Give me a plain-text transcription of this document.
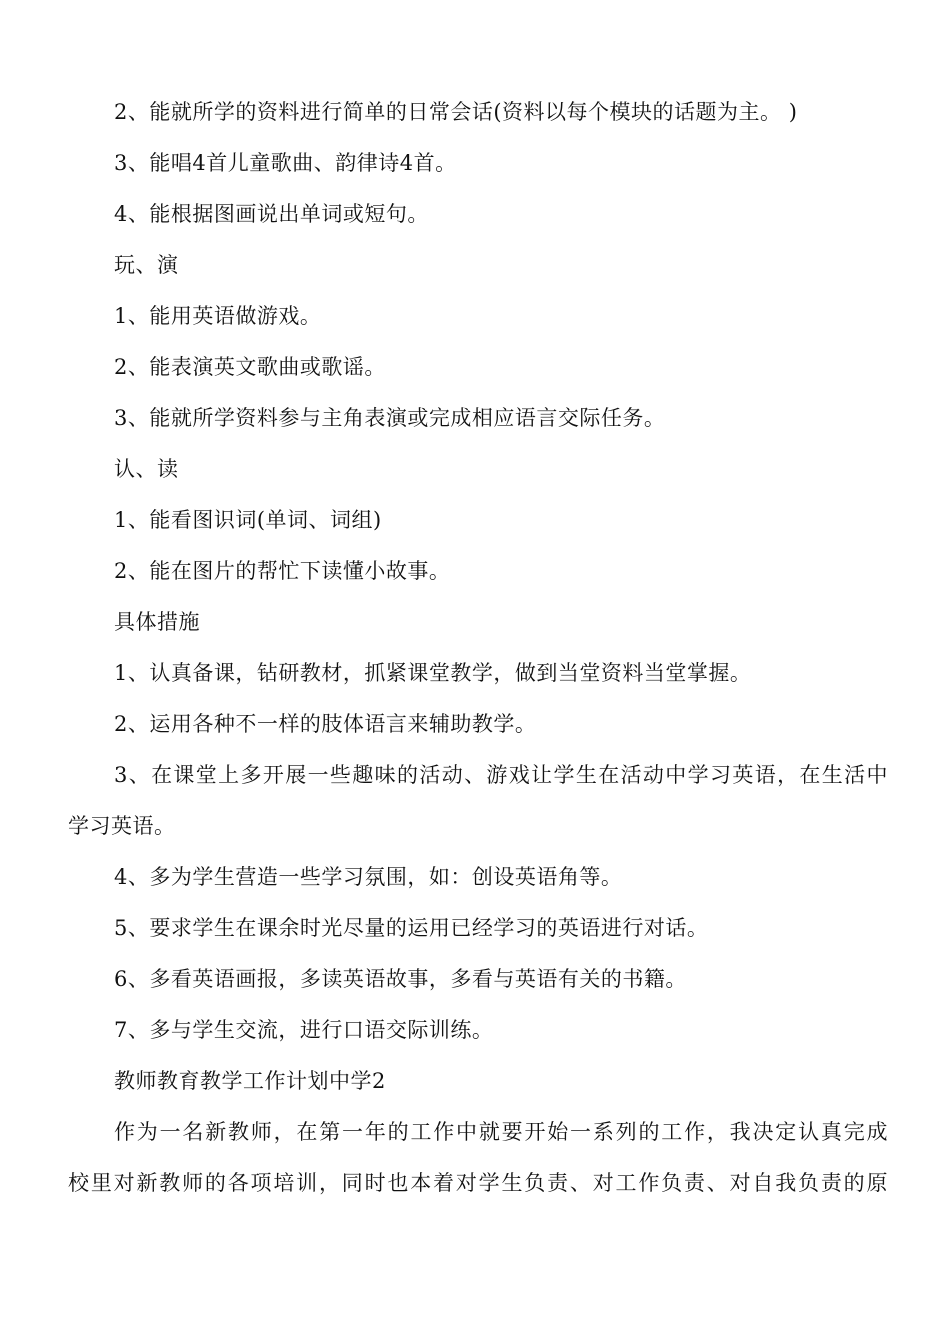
2、能就所学的资料进行简单的日常会话(资料以每个模块的话题为主。 )
3、能唱4首儿童歌曲、韵律诗4首。
4、能根据图画说出单词或短句。
玩、演
1、能用英语做游戏。
2、能表演英文歌曲或歌谣。
3、能就所学资料参与主角表演或完成相应语言交际任务。
认、读
1、能看图识词(单词、词组)
2、能在图片的帮忙下读懂小故事。
具体措施
1、认真备课，钻研教材，抓紧课堂教学，做到当堂资料当堂掌握。
2、运用各种不一样的肢体语言来辅助教学。
3、在课堂上多开展一些趣味的活动、游戏让学生在活动中学习英语，在生活中
学习英语。
4、多为学生营造一些学习氛围，如：创设英语角等。
5、要求学生在课余时光尽量的运用已经学习的英语进行对话。
6、多看英语画报，多读英语故事，多看与英语有关的书籍。
7、多与学生交流，进行口语交际训练。
教师教育教学工作计划中学2
作为一名新教师，在第一年的工作中就要开始一系列的工作，我决定认真完成
校里对新教师的各项培训，同时也本着对学生负责、对工作负责、对自我负责的原
